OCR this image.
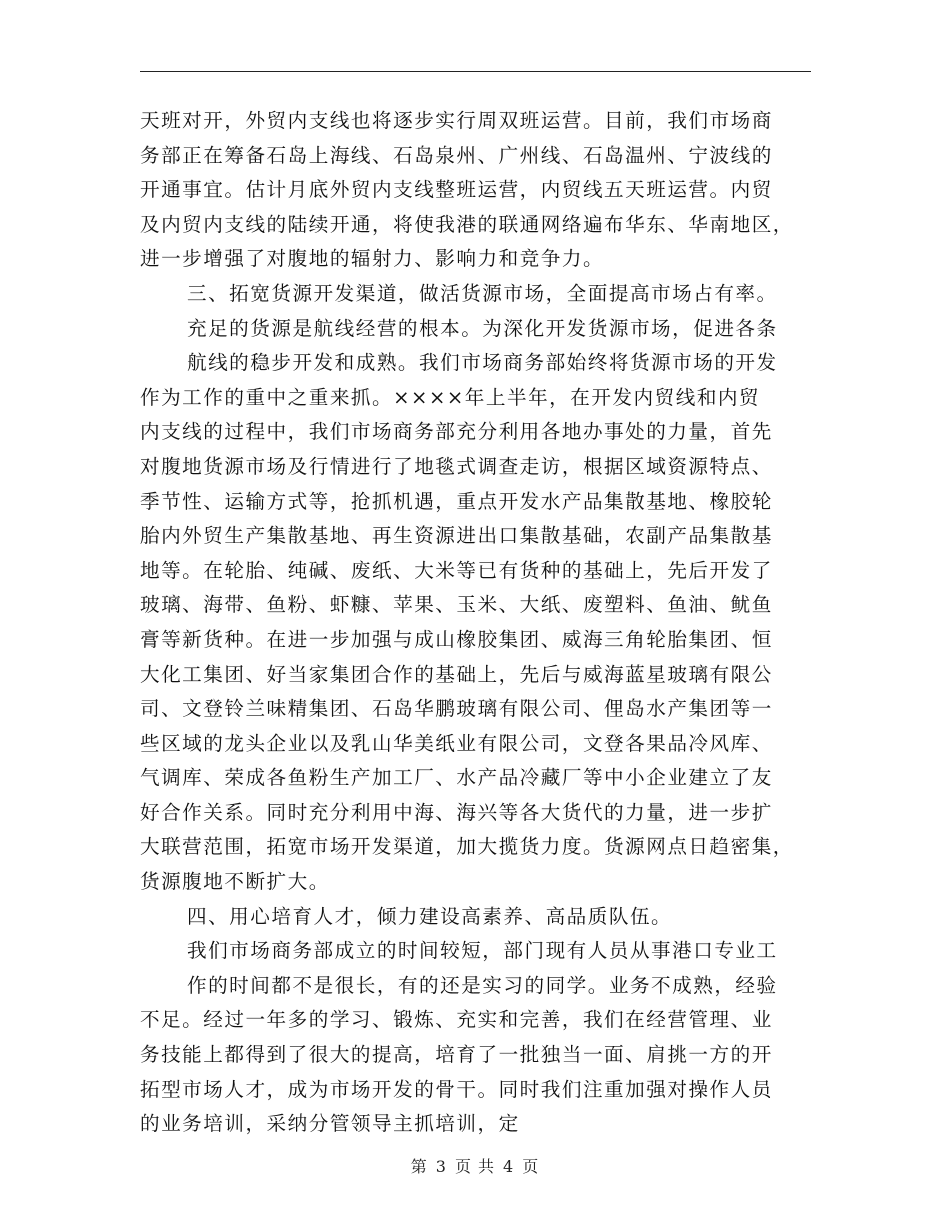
天班对开，外贸内支线也将逐步实行周双班运营。目前，我们市场商
务部正在筹备石岛上海线、石岛泉州、广州线、石岛温州、宁波线的
开通事宜。估计月底外贸内支线整班运营，内贸线五天班运营。内贸
及内贸内支线的陆续开通，将使我港的联通网络遍布华东、华南地区，
进一步增强了对腹地的辐射力、影响力和竞争力。
三、拓宽货源开发渠道，做活货源市场，全面提高市场占有率。
充足的货源是航线经营的根本。为深化开发货源市场，促进各条
航线的稳步开发和成熟。我们市场商务部始终将货源市场的开发
作为工作的重中之重来抓。××××年上半年，在开发内贸线和内贸
内支线的过程中，我们市场商务部充分利用各地办事处的力量，首先
对腹地货源市场及行情进行了地毯式调查走访，根据区域资源特点、
季节性、运输方式等，抢抓机遇，重点开发水产品集散基地、橡胶轮
胎内外贸生产集散基地、再生资源进出口集散基础，农副产品集散基
地等。在轮胎、纯碱、废纸、大米等已有货种的基础上，先后开发了
玻璃、海带、鱼粉、虾糠、苹果、玉米、大纸、废塑料、鱼油、鱿鱼
膏等新货种。在进一步加强与成山橡胶集团、威海三角轮胎集团、恒
大化工集团、好当家集团合作的基础上，先后与威海蓝星玻璃有限公
司、文登铃兰味精集团、石岛华鹏玻璃有限公司、俚岛水产集团等一
些区域的龙头企业以及乳山华美纸业有限公司，文登各果品冷风库、
气调库、荣成各鱼粉生产加工厂、水产品冷藏厂等中小企业建立了友
好合作关系。同时充分利用中海、海兴等各大货代的力量，进一步扩
大联营范围，拓宽市场开发渠道，加大揽货力度。货源网点日趋密集，
货源腹地不断扩大。
四、用心培育人才，倾力建设高素养、高品质队伍。
我们市场商务部成立的时间较短，部门现有人员从事港口专业工
作的时间都不是很长，有的还是实习的同学。业务不成熟，经验
不足。经过一年多的学习、锻炼、充实和完善，我们在经营管理、业
务技能上都得到了很大的提高，培育了一批独当一面、肩挑一方的开
拓型市场人才，成为市场开发的骨干。同时我们注重加强对操作人员
的业务培训，采纳分管领导主抓培训，定
第 3 页 共 4 页
